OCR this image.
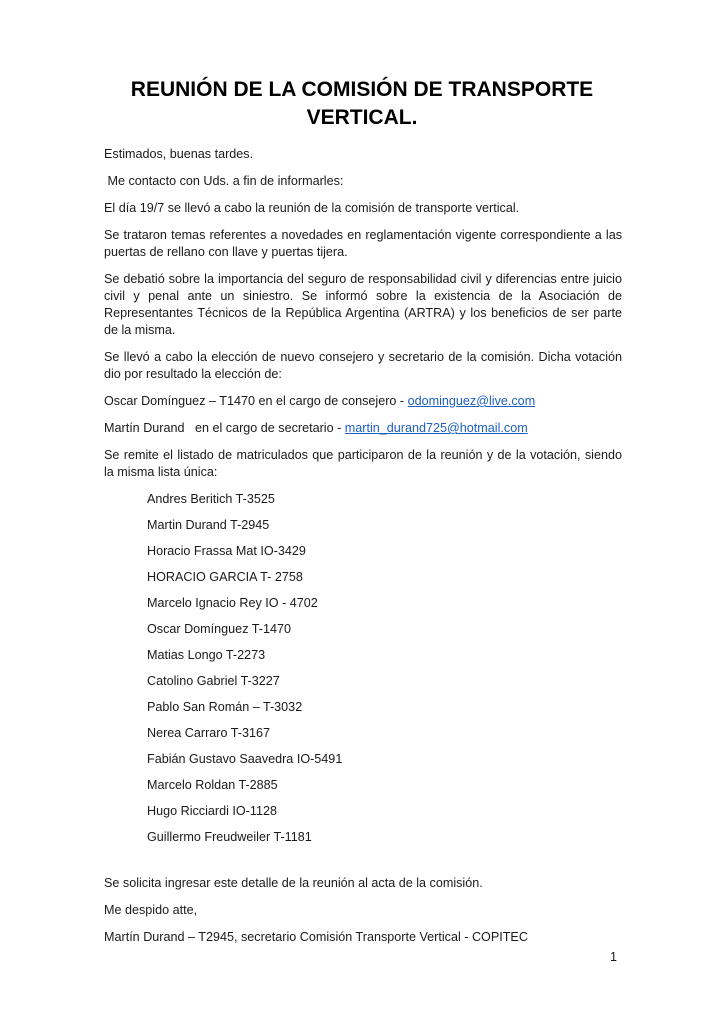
REUNIÓN DE LA COMISIÓN DE TRANSPORTE
VERTICAL.

Estimados, buenas tardes.

Me contacto con Uds. a fin de informarles:

El día 19/7 se llevó a cabo la reunión de la comisión de transporte vertical.

Se trataron temas referentes a novedades en reglamentación vigente correspondiente a las puertas de rellano con llave y puertas tijera.

Se debatió sobre la importancia del seguro de responsabilidad civil y diferencias entre juicio civil y penal ante un siniestro. Se informó sobre la existencia de la Asociación de Representantes Técnicos de la República Argentina (ARTRA) y los beneficios de ser parte de la misma.

Se llevó a cabo la elección de nuevo consejero y secretario de la comisión. Dicha votación dio por resultado la elección de:

Oscar Domínguez – T1470 en el cargo de consejero - odominguez@live.com

Martín Durand   en el cargo de secretario - martin_durand725@hotmail.com

Se remite el listado de matriculados que participaron de la reunión y de la votación, siendo la misma lista única:

Andres Beritich T-3525
Martin Durand T-2945
Horacio Frassa Mat IO-3429
HORACIO GARCIA T- 2758
Marcelo Ignacio Rey IO - 4702
Oscar Domínguez T-1470
Matias Longo T-2273
Catolino Gabriel T-3227
Pablo San Román – T-3032
Nerea Carraro T-3167
Fabián Gustavo Saavedra IO-5491
Marcelo Roldan T-2885
Hugo Ricciardi IO-1128
Guillermo Freudweiler T-1181

Se solicita ingresar este detalle de la reunión al acta de la comisión.

Me despido atte,

Martín Durand – T2945, secretario Comisión Transporte Vertical - COPITEC

1
